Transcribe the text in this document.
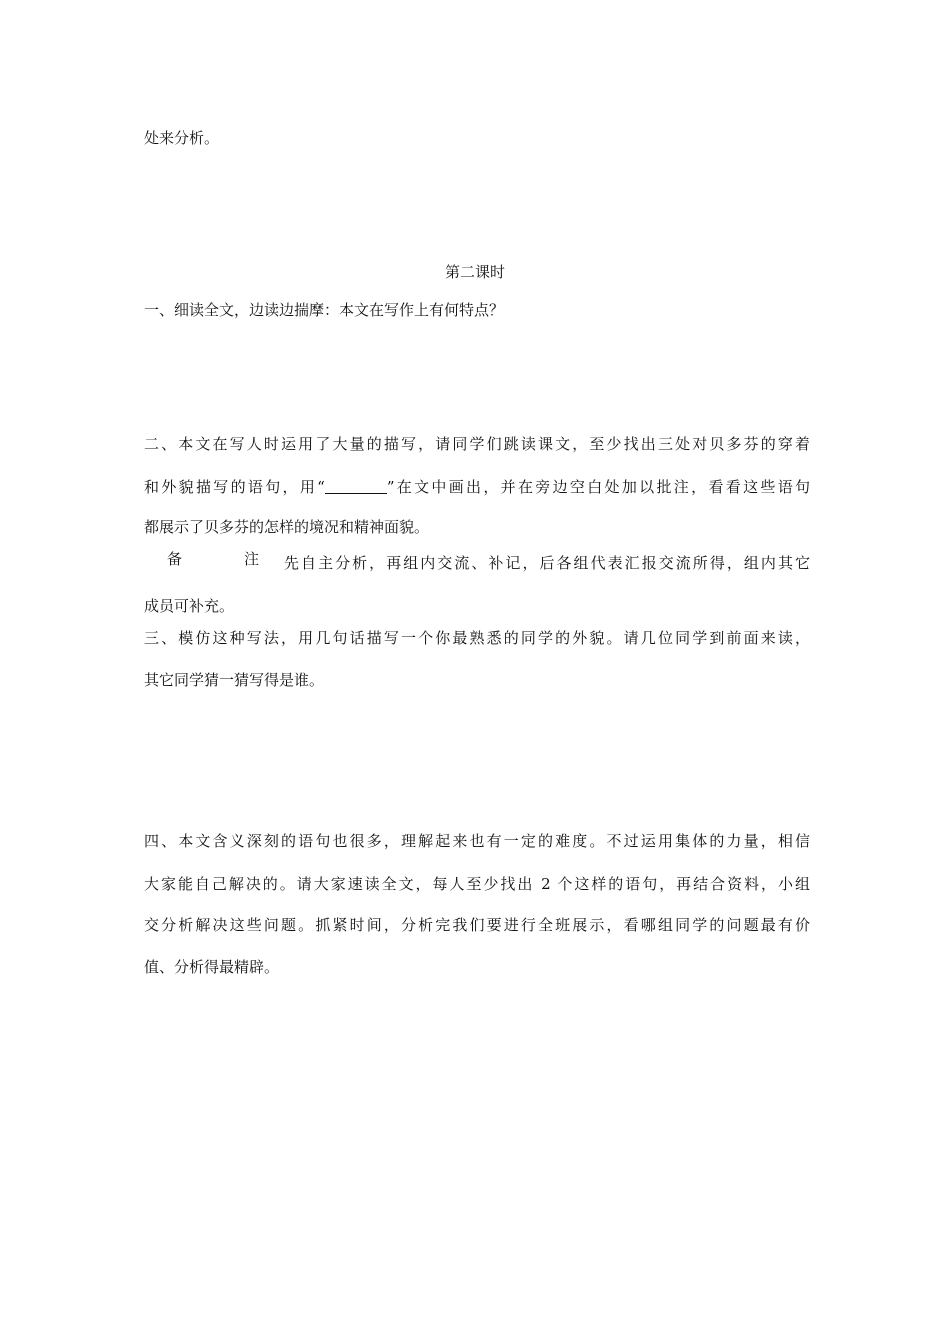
处来分析。
第二课时
一、细读全文，边读边揣摩：本文在写作上有何特点？
二、本文在写人时运用了大量的描写，请同学们跳读课文，至少找出三处对贝多芬的穿着
和外貌描写的语句，用“	”在文中画出，并在旁边空白处加以批注，看看这些语句
都展示了贝多芬的怎样的境况和精神面貌。
备	注 先自主分析，再组内交流、补记，后各组代表汇报交流所得，组内其它
成员可补充。
三、模仿这种写法，用几句话描写一个你最熟悉的同学的外貌。请几位同学到前面来读，
其它同学猜一猜写得是谁。
四、本文含义深刻的语句也很多，理解起来也有一定的难度。不过运用集体的力量，相信
大家能自己解决的。请大家速读全文，每人至少找出 2 个这样的语句，再结合资料，小组
交分析解决这些问题。抓紧时间，分析完我们要进行全班展示，看哪组同学的问题最有价
值、分析得最精辟。
